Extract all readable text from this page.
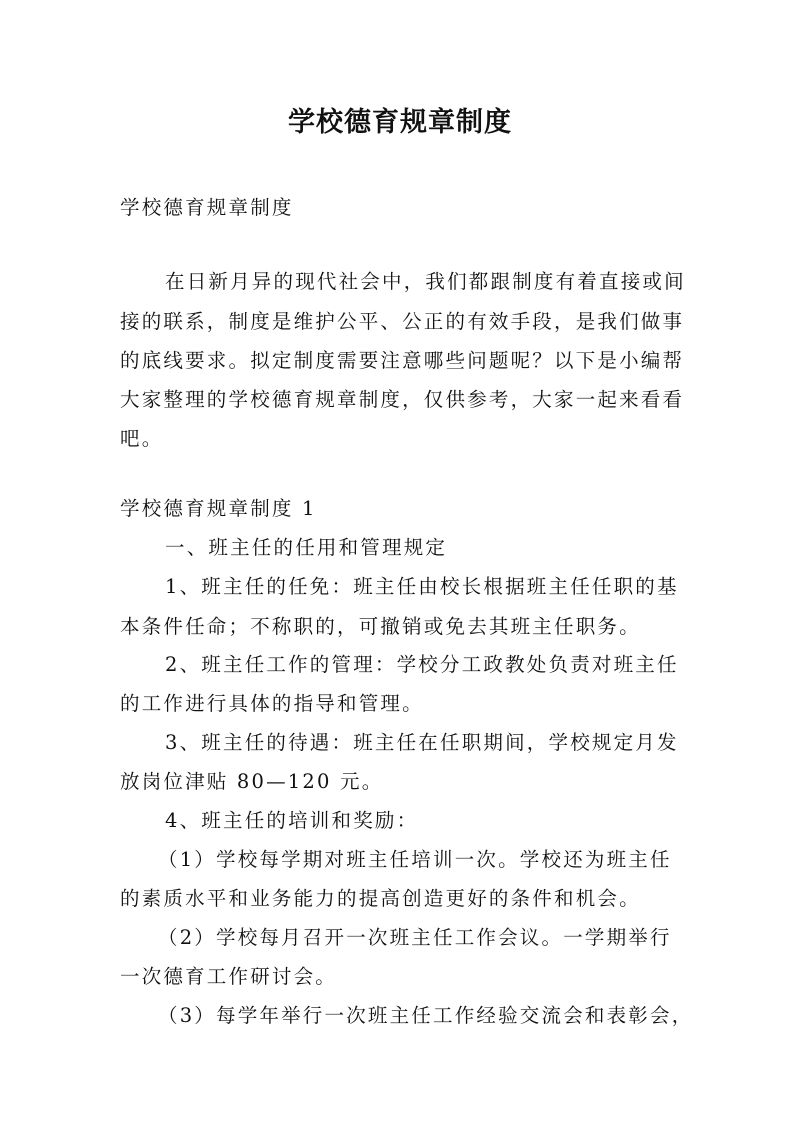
学校德育规章制度
学校德育规章制度
在日新月异的现代社会中，我们都跟制度有着直接或间
接的联系，制度是维护公平、公正的有效手段，是我们做事
的底线要求。拟定制度需要注意哪些问题呢？以下是小编帮
大家整理的学校德育规章制度，仅供参考，大家一起来看看
吧。
学校德育规章制度 1
一、班主任的任用和管理规定
1、班主任的任免：班主任由校长根据班主任任职的基
本条件任命；不称职的，可撤销或免去其班主任职务。
2、班主任工作的管理：学校分工政教处负责对班主任
的工作进行具体的指导和管理。
3、班主任的待遇：班主任在任职期间，学校规定月发
放岗位津贴 80—120 元。
4、班主任的培训和奖励：
（1）学校每学期对班主任培训一次。学校还为班主任
的素质水平和业务能力的提高创造更好的条件和机会。
（2）学校每月召开一次班主任工作会议。一学期举行
一次德育工作研讨会。
（3）每学年举行一次班主任工作经验交流会和表彰会，
